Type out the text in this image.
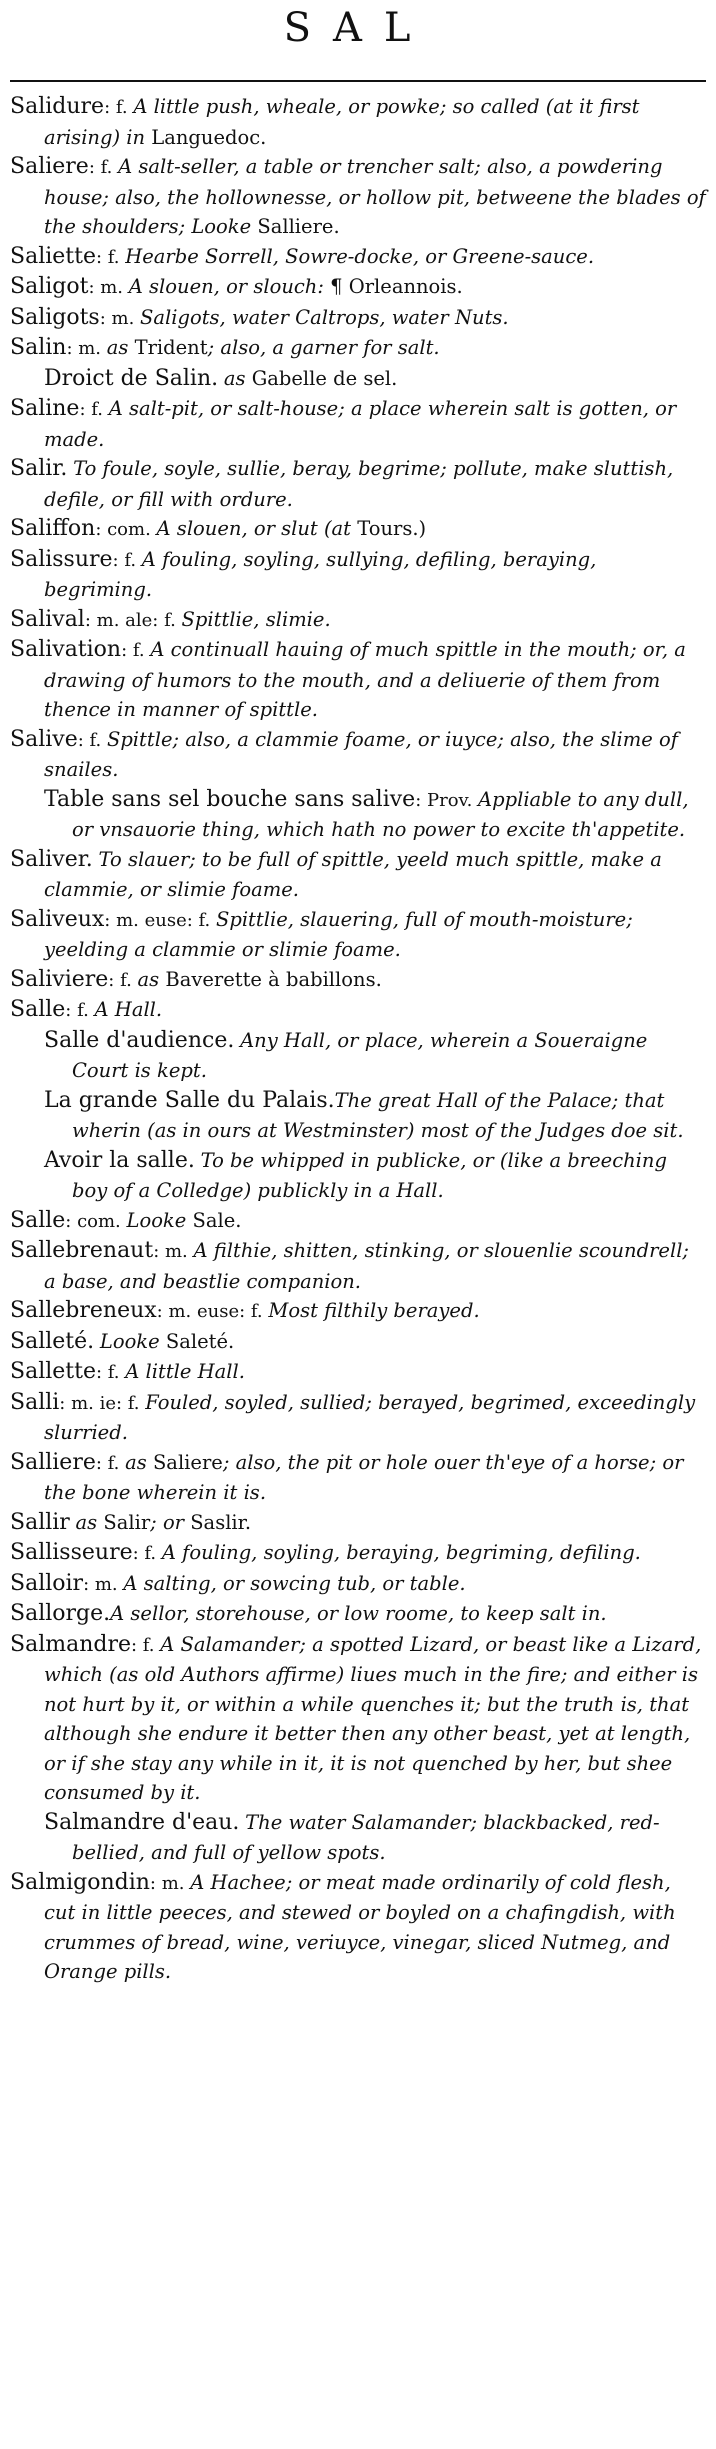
SAL

Salidure: f. A little push, wheale, or powke; so called (at it first arising) in Languedoc.

Saliere: f. A salt-seller, a table or trencher salt; also, a powdering house; also, the hollownesse, or hollow pit, betweene the blades of the shoulders; Looke Salliere.

Saliette: f. Hearbe Sorrell, Sowre-docke, or Greene-sauce.

Saligot: m. A slouen, or slouch: ¶ Orleannois.

Saligots: m. Saligots, water Caltrops, water Nuts.

Salin: m. as Trident; also, a garner for salt.

Droict de Salin. as Gabelle de sel.

Saline: f. A salt-pit, or salt-house; a place wherein salt is gotten, or made.

Salir. To foule, soyle, sullie, beray, begrime; pollute, make sluttish, defile, or fill with ordure.

Saliffon: com. A slouen, or slut (at Tours.)

Salissure: f. A fouling, soyling, sullying, defiling, beraying, begriming.

Salival: m. ale: f. Spittlie, slimie.

Salivation: f. A continuall hauing of much spittle in the mouth; or, a drawing of humors to the mouth, and a deliuerie of them from thence in manner of spittle.

Salive: f. Spittle; also, a clammie foame, or iuyce; also, the slime of snailes.

Table sans sel bouche sans salive: Prov. Appliable to any dull, or vnsauorie thing, which hath no power to excite th'appetite.

Saliver. To slauer; to be full of spittle, yeeld much spittle, make a clammie, or slimie foame.

Saliveux: m. euse: f. Spittlie, slauering, full of mouth-moisture; yeelding a clammie or slimie foame.

Saliviere: f. as Baverette à babillons.

Salle: f. A Hall.

Salle d'audience. Any Hall, or place, wherein a Soueraigne Court is kept.

La grande Salle du Palais.The great Hall of the Palace; that wherin (as in ours at Westminster) most of the Judges doe sit.

Avoir la salle. To be whipped in publicke, or (like a breeching boy of a Colledge) publickly in a Hall.

Salle: com. Looke Sale.

Sallebrenaut: m. A filthie, shitten, stinking, or slouenlie scoundrell; a base, and beastlie companion.

Sallebreneux: m. euse: f. Most filthily berayed.

Salleté. Looke Saleté.

Sallette: f. A little Hall.

Salli: m. ie: f. Fouled, soyled, sullied; berayed, begrimed, exceedingly slurried.

Salliere: f. as Saliere; also, the pit or hole ouer th'eye of a horse; or the bone wherein it is.

Sallir as Salir; or Saslir.

Sallisseure: f. A fouling, soyling, beraying, begriming, defiling.

Salloir: m. A salting, or sowcing tub, or table.

Sallorge.A sellor, storehouse, or low roome, to keep salt in.

Salmandre: f. A Salamander; a spotted Lizard, or beast like a Lizard, which (as old Authors affirme) liues much in the fire; and either is not hurt by it, or within a while quenches it; but the truth is, that although she endure it better then any other beast, yet at length, or if she stay any while in it, it is not quenched by her, but shee consumed by it.

Salmandre d'eau. The water Salamander; blackbacked, red-bellied, and full of yellow spots.

Salmigondin: m. A Hachee; or meat made ordinarily of cold flesh, cut in little peeces, and stewed or boyled on a chafingdish, with crummes of bread, wine, veriuyce, vinegar, sliced Nutmeg, and Orange pills.
